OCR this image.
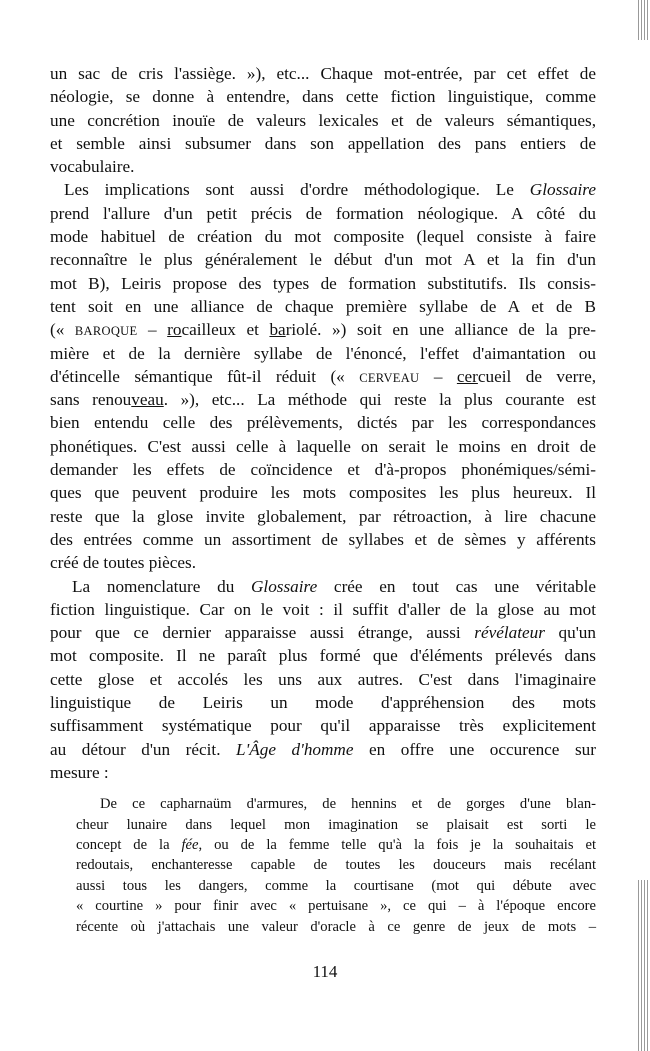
un sac de cris l'assiège. »), etc... Chaque mot-entrée, par cet effet de
néologie, se donne à entendre, dans cette fiction linguistique, comme
une concrétion inouïe de valeurs lexicales et de valeurs sémantiques,
et semble ainsi subsumer dans son appellation des pans entiers de
vocabulaire.
Les implications sont aussi d'ordre méthodologique. Le Glossaire
prend l'allure d'un petit précis de formation néologique. A côté du
mode habituel de création du mot composite (lequel consiste à faire
reconnaître le plus généralement le début d'un mot A et la fin d'un
mot B), Leiris propose des types de formation substitutifs. Ils consis-
tent soit en une alliance de chaque première syllabe de A et de B
(« BAROQUE – rocailleux et bariolé. ») soit en une alliance de la pre-
mière et de la dernière syllabe de l'énoncé, l'effet d'aimantation ou
d'étincelle sémantique fût-il réduit (« CERVEAU – cercueil de verre,
sans renouveau. »), etc... La méthode qui reste la plus courante est
bien entendu celle des prélèvements, dictés par les correspondances
phonétiques. C'est aussi celle à laquelle on serait le moins en droit de
demander les effets de coïncidence et d'à-propos phonémiques/sémi-
ques que peuvent produire les mots composites les plus heureux. Il
reste que la glose invite globalement, par rétroaction, à lire chacune
des entrées comme un assortiment de syllabes et de sèmes y afférents
créé de toutes pièces.
La nomenclature du Glossaire crée en tout cas une véritable
fiction linguistique. Car on le voit : il suffit d'aller de la glose au mot
pour que ce dernier apparaisse aussi étrange, aussi révélateur qu'un
mot composite. Il ne paraît plus formé que d'éléments prélevés dans
cette glose et accolés les uns aux autres. C'est dans l'imaginaire
linguistique de Leiris un mode d'appréhension des mots
suffisamment systématique pour qu'il apparaisse très explicitement
au détour d'un récit. L'Âge d'homme en offre une occurence sur
mesure :
De ce capharnaüm d'armures, de hennins et de gorges d'une blan-
cheur lunaire dans lequel mon imagination se plaisait est sorti le
concept de la fée, ou de la femme telle qu'à la fois je la souhaitais et
redoutais, enchanteresse capable de toutes les douceurs mais recélant
aussi tous les dangers, comme la courtisane (mot qui débute avec
« courtine » pour finir avec « pertuisane », ce qui – à l'époque encore
récente où j'attachais une valeur d'oracle à ce genre de jeux de mots –
114
